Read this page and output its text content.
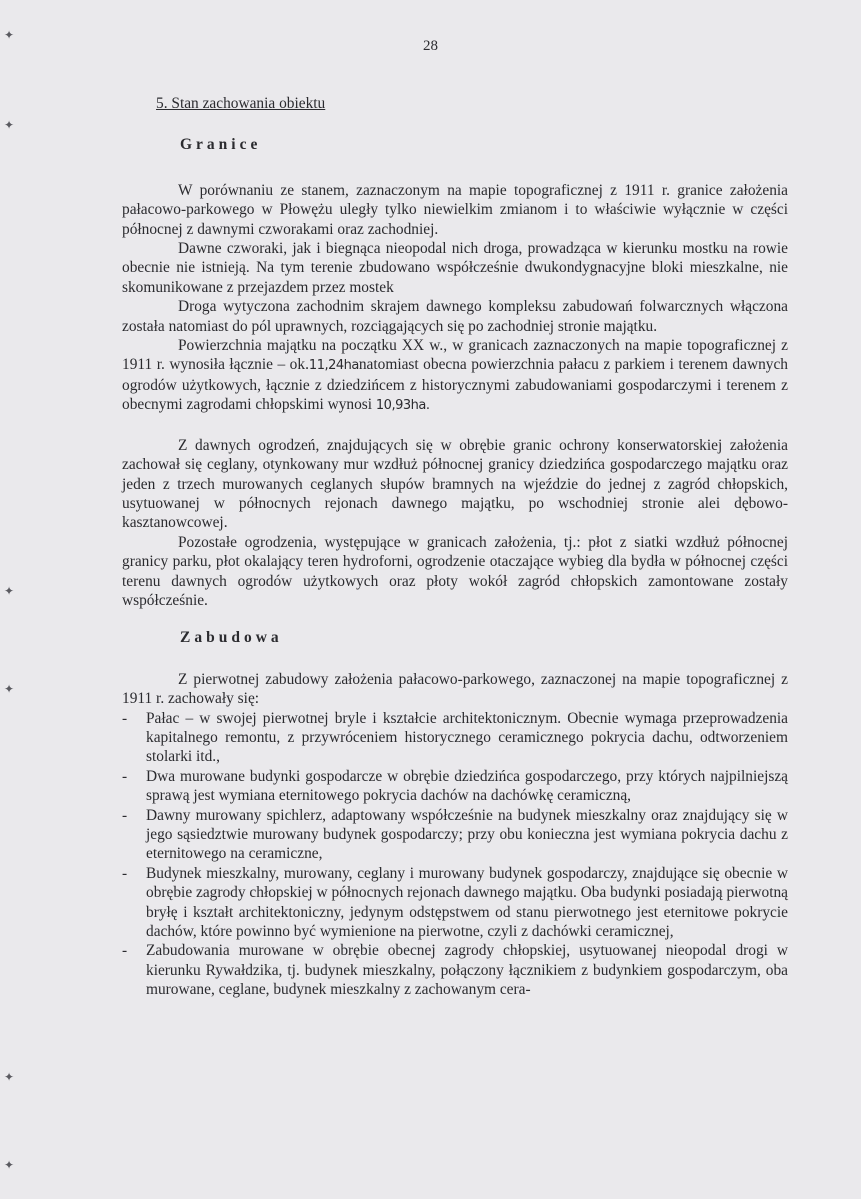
✦
✦
✦
✦
✦
✦
28
5. Stan zachowania obiektu
Granice

W porównaniu ze stanem, zaznaczonym na mapie topograficznej z 1911 r. granice założenia pałacowo-parkowego w Płowężu uległy tylko niewielkim zmianom i to właściwie wyłącznie w części północnej z dawnymi czworakami oraz zachodniej.

Dawne czworaki, jak i biegnąca nieopodal nich droga, prowadząca w kierunku mostku na rowie obecnie nie istnieją. Na tym terenie zbudowano współcześnie dwukondygnacyjne bloki mieszkalne, nie skomunikowane z przejazdem przez mostek

Droga wytyczona zachodnim skrajem dawnego kompleksu zabudowań folwarcznych włączona została natomiast do pól uprawnych, rozciągających się po zachodniej stronie majątku.

Powierzchnia majątku na początku XX w., w granicach zaznaczonych na mapie topograficznej z 1911 r. wynosiła łącznie – ok.11,24hanatomiast obecna powierzchnia pałacu z parkiem i terenem dawnych ogrodów użytkowych, łącznie z dziedzińcem z historycznymi zabudowaniami gospodarczymi i terenem z obecnymi zagrodami chłopskimi wynosi 10,93ha.

Z dawnych ogrodzeń, znajdujących się w obrębie granic ochrony konserwatorskiej założenia zachował się ceglany, otynkowany mur wzdłuż północnej granicy dziedzińca gospodarczego majątku oraz jeden z trzech murowanych ceglanych słupów bramnych na wjeździe do jednej z zagród chłopskich, usytuowanej w północnych rejonach dawnego majątku, po wschodniej stronie alei dębowo-kasztanowcowej.

Pozostałe ogrodzenia, występujące w granicach założenia, tj.: płot z siatki wzdłuż północnej granicy parku, płot okalający teren hydroforni, ogrodzenie otaczające wybieg dla bydła w północnej części terenu dawnych ogrodów użytkowych oraz płoty wokół zagród chłopskich zamontowane zostały współcześnie.

Zabudowa

Z pierwotnej zabudowy założenia pałacowo-parkowego, zaznaczonej na mapie topograficznej z 1911 r. zachowały się:

- Pałac – w swojej pierwotnej bryle i kształcie architektonicznym. Obecnie wymaga przeprowadzenia kapitalnego remontu, z przywróceniem historycznego ceramicznego pokrycia dachu, odtworzeniem stolarki itd.,
- Dwa murowane budynki gospodarcze w obrębie dziedzińca gospodarczego, przy których najpilniejszą sprawą jest wymiana eternitowego pokrycia dachów na dachówkę ceramiczną,
- Dawny murowany spichlerz, adaptowany współcześnie na budynek mieszkalny oraz znajdujący się w jego sąsiedztwie murowany budynek gospodarczy; przy obu konieczna jest wymiana pokrycia dachu z eternitowego na ceramiczne,
- Budynek mieszkalny, murowany, ceglany i murowany budynek gospodarczy, znajdujące się obecnie w obrębie zagrody chłopskiej w północnych rejonach dawnego majątku. Oba budynki posiadają pierwotną bryłę i kształt architektoniczny, jedynym odstępstwem od stanu pierwotnego jest eternitowe pokrycie dachów, które powinno być wymienione na pierwotne, czyli z dachówki ceramicznej,
- Zabudowania murowane w obrębie obecnej zagrody chłopskiej, usytuowanej nieopodal drogi w kierunku Rywałdzika, tj. budynek mieszkalny, połączony łącznikiem z budynkiem gospodarczym, oba murowane, ceglane, budynek mieszkalny z zachowanym cera-
